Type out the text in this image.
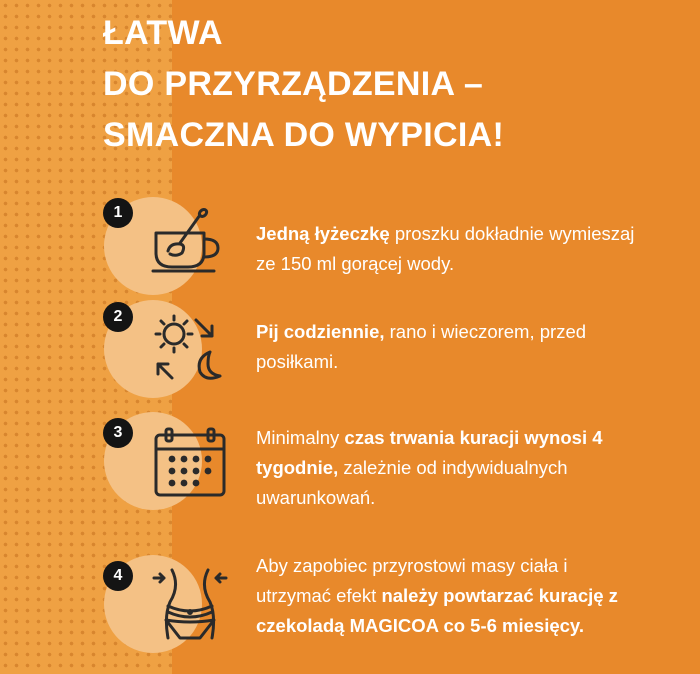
ŁATWA
DO PRZYRZĄDZENIA –
SMACZNA DO WYPICIA!
1

Jedną łyżeczkę proszku dokładnie wymieszaj ze 150 ml gorącej wody.

2

Pij codziennie, rano i wieczorem, przed posiłkami.

3	Minimalny czas trwania kuracji wynosi 4 tygodnie, zależnie od indywidualnych uwarunkowań.

4	Aby zapobiec przyrostowi masy ciała i utrzymać efekt należy powtarzać kurację z czekoladą MAGICOA co 5-6 miesięcy.
